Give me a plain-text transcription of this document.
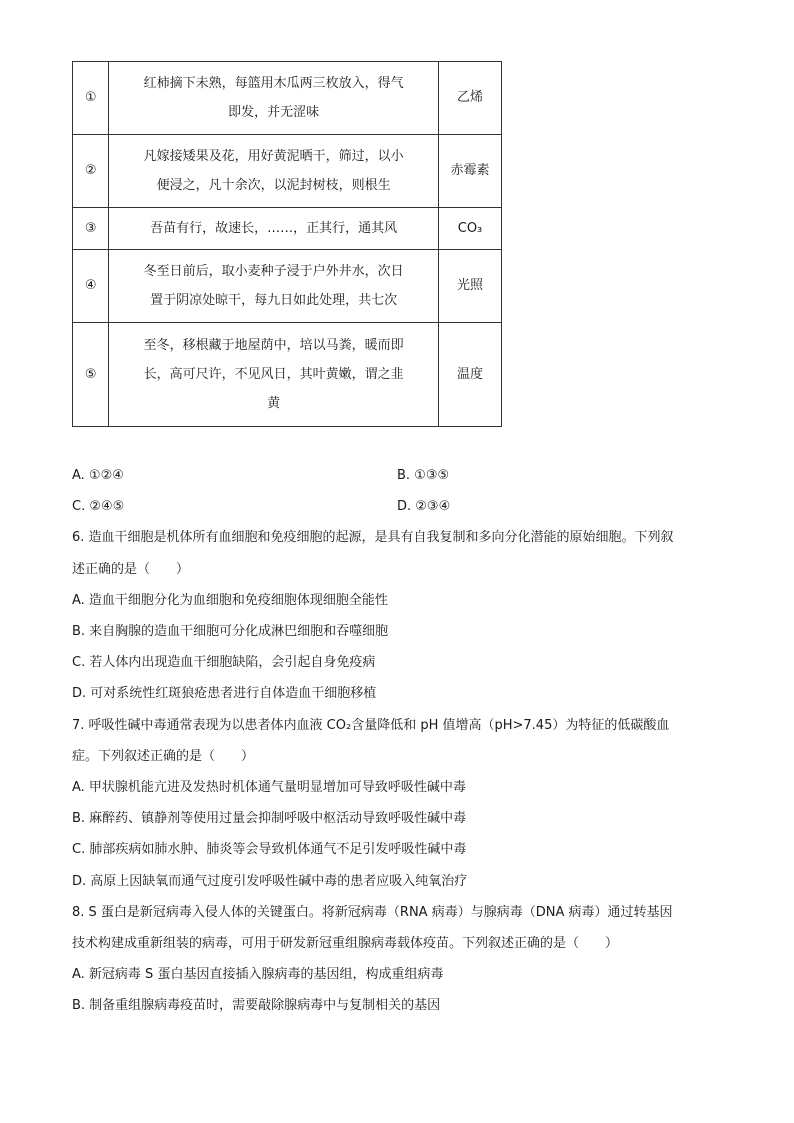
①	红柿摘下未熟，每篮用木瓜两三枚放入，得气
即发，并无涩味	乙烯
②	凡嫁接矮果及花，用好黄泥晒干，筛过，以小
便浸之，凡十余次，以泥封树枝，则根生	赤霉素
③	吾苗有行，故速长，……，正其行，通其风	CO₃
④	冬至日前后，取小麦种子浸于户外井水，次日
置于阴凉处晾干，每九日如此处理，共七次	光照
⑤	至冬，移根藏于地屋荫中，培以马粪，暖而即
长，高可尺许，不见风日，其叶黄嫩，谓之韭
黄	温度
A. ①②④	B. ①③⑤
C. ②④⑤	D. ②③④
6. 造血干细胞是机体所有血细胞和免疫细胞的起源，是具有自我复制和多向分化潜能的原始细胞。下列叙
述正确的是（　　）
A. 造血干细胞分化为血细胞和免疫细胞体现细胞全能性
B. 来自胸腺的造血干细胞可分化成淋巴细胞和吞噬细胞
C. 若人体内出现造血干细胞缺陷，会引起自身免疫病
D. 可对系统性红斑狼疮患者进行自体造血干细胞移植
7. 呼吸性碱中毒通常表现为以患者体内血液 CO₂含量降低和 pH 值增高（pH>7.45）为特征的低碳酸血
症。下列叙述正确的是（　　）
A. 甲状腺机能亢进及发热时机体通气量明显增加可导致呼吸性碱中毒
B. 麻醉药、镇静剂等使用过量会抑制呼吸中枢活动导致呼吸性碱中毒
C. 肺部疾病如肺水肿、肺炎等会导致机体通气不足引发呼吸性碱中毒
D. 高原上因缺氧而通气过度引发呼吸性碱中毒的患者应吸入纯氧治疗
8. S 蛋白是新冠病毒入侵人体的关键蛋白。将新冠病毒（RNA 病毒）与腺病毒（DNA 病毒）通过转基因
技术构建成重新组装的病毒，可用于研发新冠重组腺病毒载体疫苗。下列叙述正确的是（　　）
A. 新冠病毒 S 蛋白基因直接插入腺病毒的基因组，构成重组病毒
B. 制备重组腺病毒疫苗时，需要敲除腺病毒中与复制相关的基因
